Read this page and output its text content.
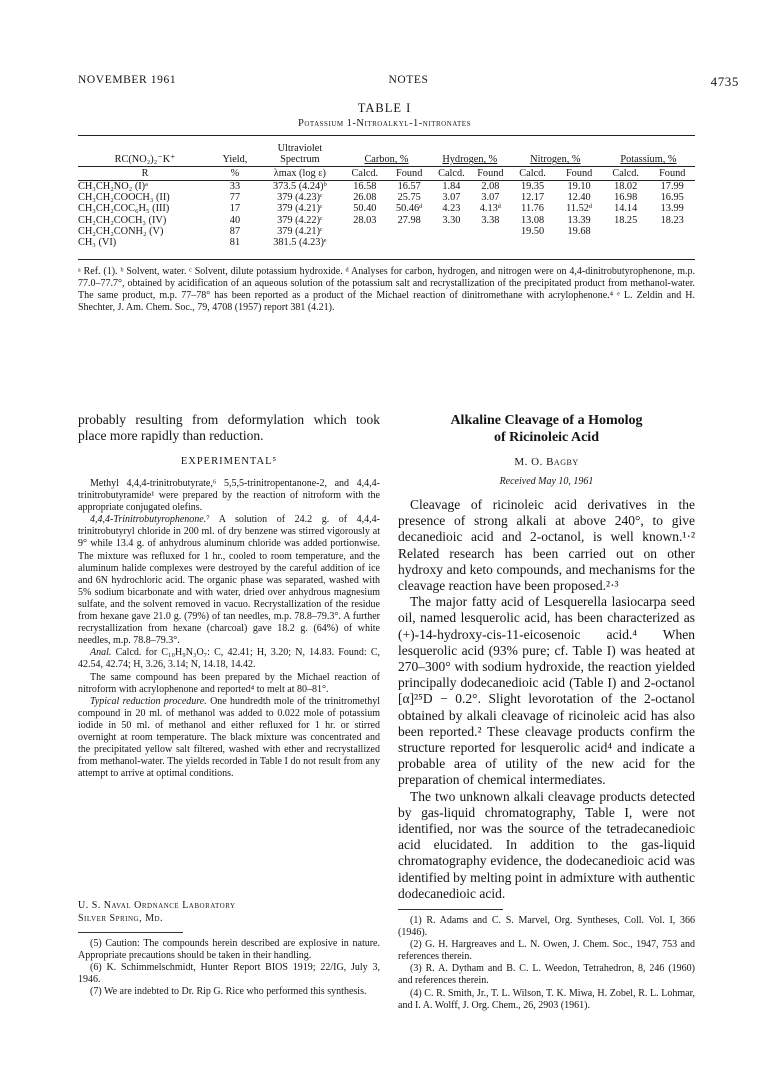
NOVEMBER 1961	NOTES	4735
TABLE I
Potassium 1-Nitroalkyl-1-nitronates
		Ultraviolet								
RC(NO₂)₂⁻K⁺	Yield,	Spectrum	Carbon, %		Hydrogen, %		Nitrogen, %		Potassium, %	
R	%	λmax (log ε)	Calcd.	Found	Calcd.	Found	Calcd.	Found	Calcd.	Found
CH₃CH₂NO₂ (I)ᵃ	33	373.5 (4.24)ᵇ	16.58	16.57	1.84	2.08	19.35	19.10	18.02	17.99
CH₃CH₂COOCH₃ (II)	77	379 (4.23)ᶜ	26.08	25.75	3.07	3.07	12.17	12.40	16.98	16.95
CH₃CH₂COC₆H₅ (III)	17	379 (4.21)ᶜ	50.40	50.46ᵈ	4.23	4.13ᵈ	11.76	11.52ᵈ	14.14	13.99
CH₂CH₂COCH₃ (IV)	40	379 (4.22)ᶜ	28.03	27.98	3.30	3.38	13.08	13.39	18.25	18.23
CH₂CH₂CONH₂ (V)	87	379 (4.21)ᶜ					19.50	19.68		
CH₃ (VI)	81	381.5 (4.23)ᵉ								
ᵃ Ref. (1). ᵇ Solvent, water. ᶜ Solvent, dilute potassium hydroxide. ᵈ Analyses for carbon, hydrogen, and nitrogen were on 4,4-dinitrobutyrophenone, m.p. 77.0–77.7°, obtained by acidification of an aqueous solution of the potassium salt and recrystallization of the precipitated product from methanol-water. The same product, m.p. 77–78° has been reported as a product of the Michael reaction of dinitromethane with acrylophenone.⁴ ᵉ L. Zeldin and H. Shechter, J. Am. Chem. Soc., 79, 4708 (1957) report 381 (4.21).
probably resulting from deformylation which took place more rapidly than reduction.
EXPERIMENTAL⁵

Methyl 4,4,4-trinitrobutyrate,⁶ 5,5,5-trinitropentanone-2, and 4,4,4-trinitrobutyramide¹ were prepared by the reaction of nitroform with the appropriate conjugated olefins.

4,4,4-Trinitrobutyrophenone.⁷ A solution of 24.2 g. of 4,4,4-trinitrobutyryl chloride in 200 ml. of dry benzene was stirred vigorously at 9° while 13.4 g. of anhydrous aluminum chloride was added portionwise. The mixture was refluxed for 1 hr., cooled to room temperature, and the aluminum halide complexes were destroyed by the careful addition of ice and 6N hydrochloric acid. The organic phase was separated, washed with 5% sodium bicarbonate and with water, dried over anhydrous magnesium sulfate, and the solvent removed in vacuo. Recrystallization of the residue from hexane gave 21.0 g. (79%) of tan needles, m.p. 78.8–79.3°. A further recrystallization from hexane (charcoal) gave 18.2 g. (64%) of white needles, m.p. 78.8–79.3°.

Anal. Calcd. for C₁₀H₉N₃O₇: C, 42.41; H, 3.20; N, 14.83. Found: C, 42.54, 42.74; H, 3.26, 3.14; N, 14.18, 14.42.

The same compound has been prepared by the Michael reaction of nitroform with acrylophenone and reported⁴ to melt at 80–81°.

Typical reduction procedure. One hundredth mole of the trinitromethyl compound in 20 ml. of methanol was added to 0.022 mole of potassium iodide in 50 ml. of methanol and either refluxed for 1 hr. or stirred overnight at room temperature. The black mixture was concentrated and the precipitated yellow salt filtered, washed with ether and recrystallized from methanol-water. The yields recorded in Table I do not result from any attempt to arrive at optimal conditions.

U. S. Naval Ordnance Laboratory
Silver Spring, Md.

(5) Caution: The compounds herein described are explosive in nature. Appropriate precautions should be taken in their handling.

(6) K. Schimmelschmidt, Hunter Report BIOS 1919; 22/IG, July 3, 1946.

(7) We are indebted to Dr. Rip G. Rice who performed this synthesis.

Alkaline Cleavage of a Homolog
of Ricinoleic Acid
M. O. Bagby
Received May 10, 1961

Cleavage of ricinoleic acid derivatives in the presence of strong alkali at above 240°, to give decanedioic acid and 2-octanol, is well known.¹·² Related research has been carried out on other hydroxy and keto compounds, and mechanisms for the cleavage reaction have been proposed.²·³

The major fatty acid of Lesquerella lasiocarpa seed oil, named lesquerolic acid, has been characterized as (+)-14-hydroxy-cis-11-eicosenoic acid.⁴ When lesquerolic acid (93% pure; cf. Table I) was heated at 270–300° with sodium hydroxide, the reaction yielded principally dodecanedioic acid (Table I) and 2-octanol [α]²⁵D − 0.2°. Slight levorotation of the 2-octanol obtained by alkali cleavage of ricinoleic acid has also been reported.² These cleavage products confirm the structure reported for lesquerolic acid⁴ and indicate a probable area of utility of the new acid for the preparation of chemical intermediates.

The two unknown alkali cleavage products detected by gas-liquid chromatography, Table I, were not identified, nor was the source of the tetradecanedioic acid elucidated. In addition to the gas-liquid chromatography evidence, the dodecanedioic acid was identified by melting point in admixture with authentic dodecanedioic acid.

(1) R. Adams and C. S. Marvel, Org. Syntheses, Coll. Vol. I, 366 (1946).

(2) G. H. Hargreaves and L. N. Owen, J. Chem. Soc., 1947, 753 and references therein.

(3) R. A. Dytham and B. C. L. Weedon, Tetrahedron, 8, 246 (1960) and references therein.

(4) C. R. Smith, Jr., T. L. Wilson, T. K. Miwa, H. Zobel, R. L. Lohmar, and I. A. Wolff, J. Org. Chem., 26, 2903 (1961).
